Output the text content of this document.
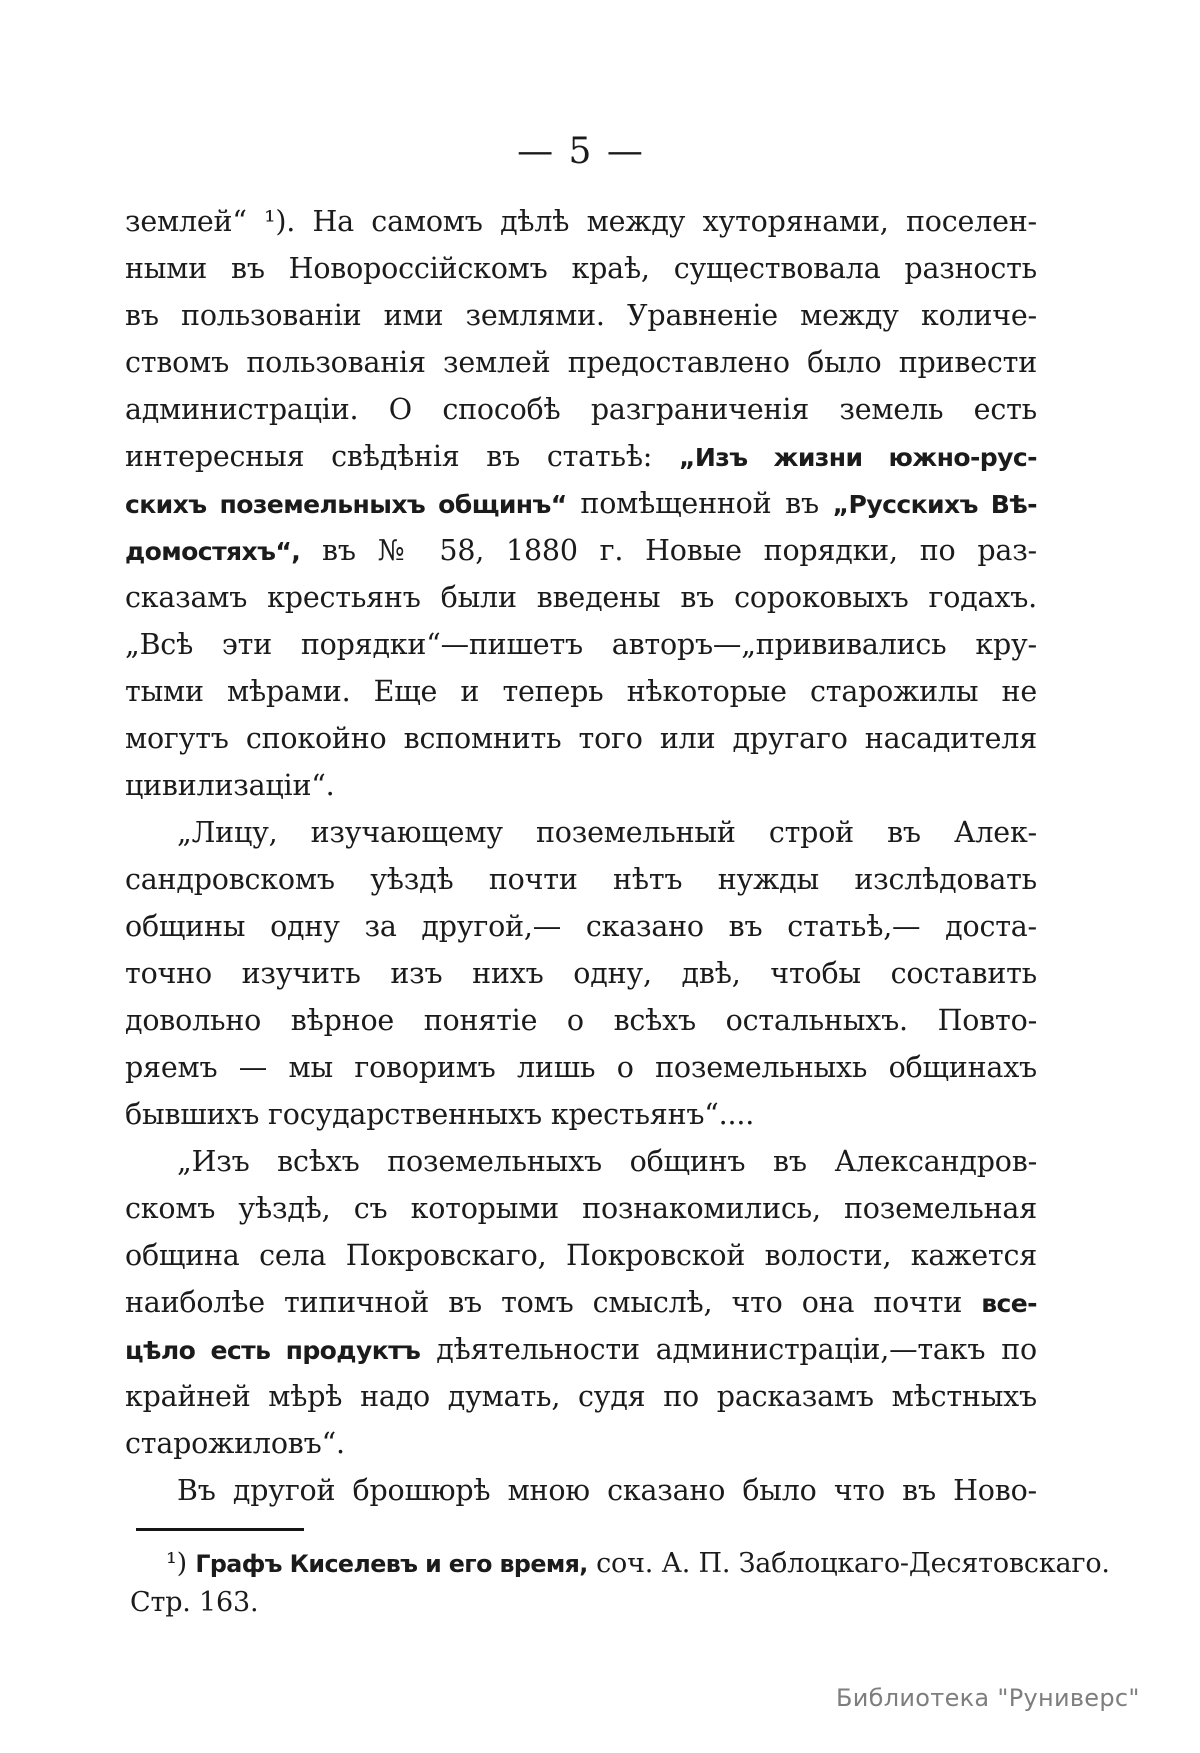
— 5 —
землей“ ¹). На самомъ дѣлѣ между хуторянами, поселен-
ными въ Новороссійскомъ краѣ, существовала разность
въ пользованіи ими землями. Уравненіе между количе-
ствомъ пользованія землей предоставлено было привести
администраціи. О способѣ разграниченія земель есть
интересныя свѣдѣнія въ статьѣ: „Изъ жизни южно-рус-
скихъ поземельныхъ общинъ“ помѣщенной въ „Русскихъ Вѣ-
домостяхъ“, въ № 58, 1880 г. Новые порядки, по раз-
сказамъ крестьянъ были введены въ сороковыхъ годахъ.
„Всѣ эти порядки“—пишетъ авторъ—„прививались кру-
тыми мѣрами. Еще и теперь нѣкоторые старожилы не
могутъ спокойно вспомнить того или другаго насадителя
цивилизаціи“.
„Лицу, изучающему поземельный строй въ Алек-
сандровскомъ уѣздѣ почти нѣтъ нужды изслѣдовать
общины одну за другой,— сказано въ статьѣ,— доста-
точно изучить изъ нихъ одну, двѣ, чтобы составить
довольно вѣрное понятіе о всѣхъ остальныхъ. Повто-
ряемъ — мы говоримъ лишь о поземельныхь общинахъ
бывшихъ государственныхъ крестьянъ“....
„Изъ всѣхъ поземельныхъ общинъ въ Александров-
скомъ уѣздѣ, съ которыми познакомились, поземельная
община села Покровскаго, Покровской волости, кажется
наиболѣе типичной въ томъ смыслѣ, что она почти все-
цѣло есть продуктъ дѣятельности администраціи,—такъ по
крайней мѣрѣ надо думать, судя по расказамъ мѣстныхъ
старожиловъ“.
Въ другой брошюрѣ мною сказано было что въ Ново-
¹) Графъ Киселевъ и его время, соч. А. П. Заблоцкаго-Десятовскаго.
Стр. 163.
Библиотека "Руниверс"
